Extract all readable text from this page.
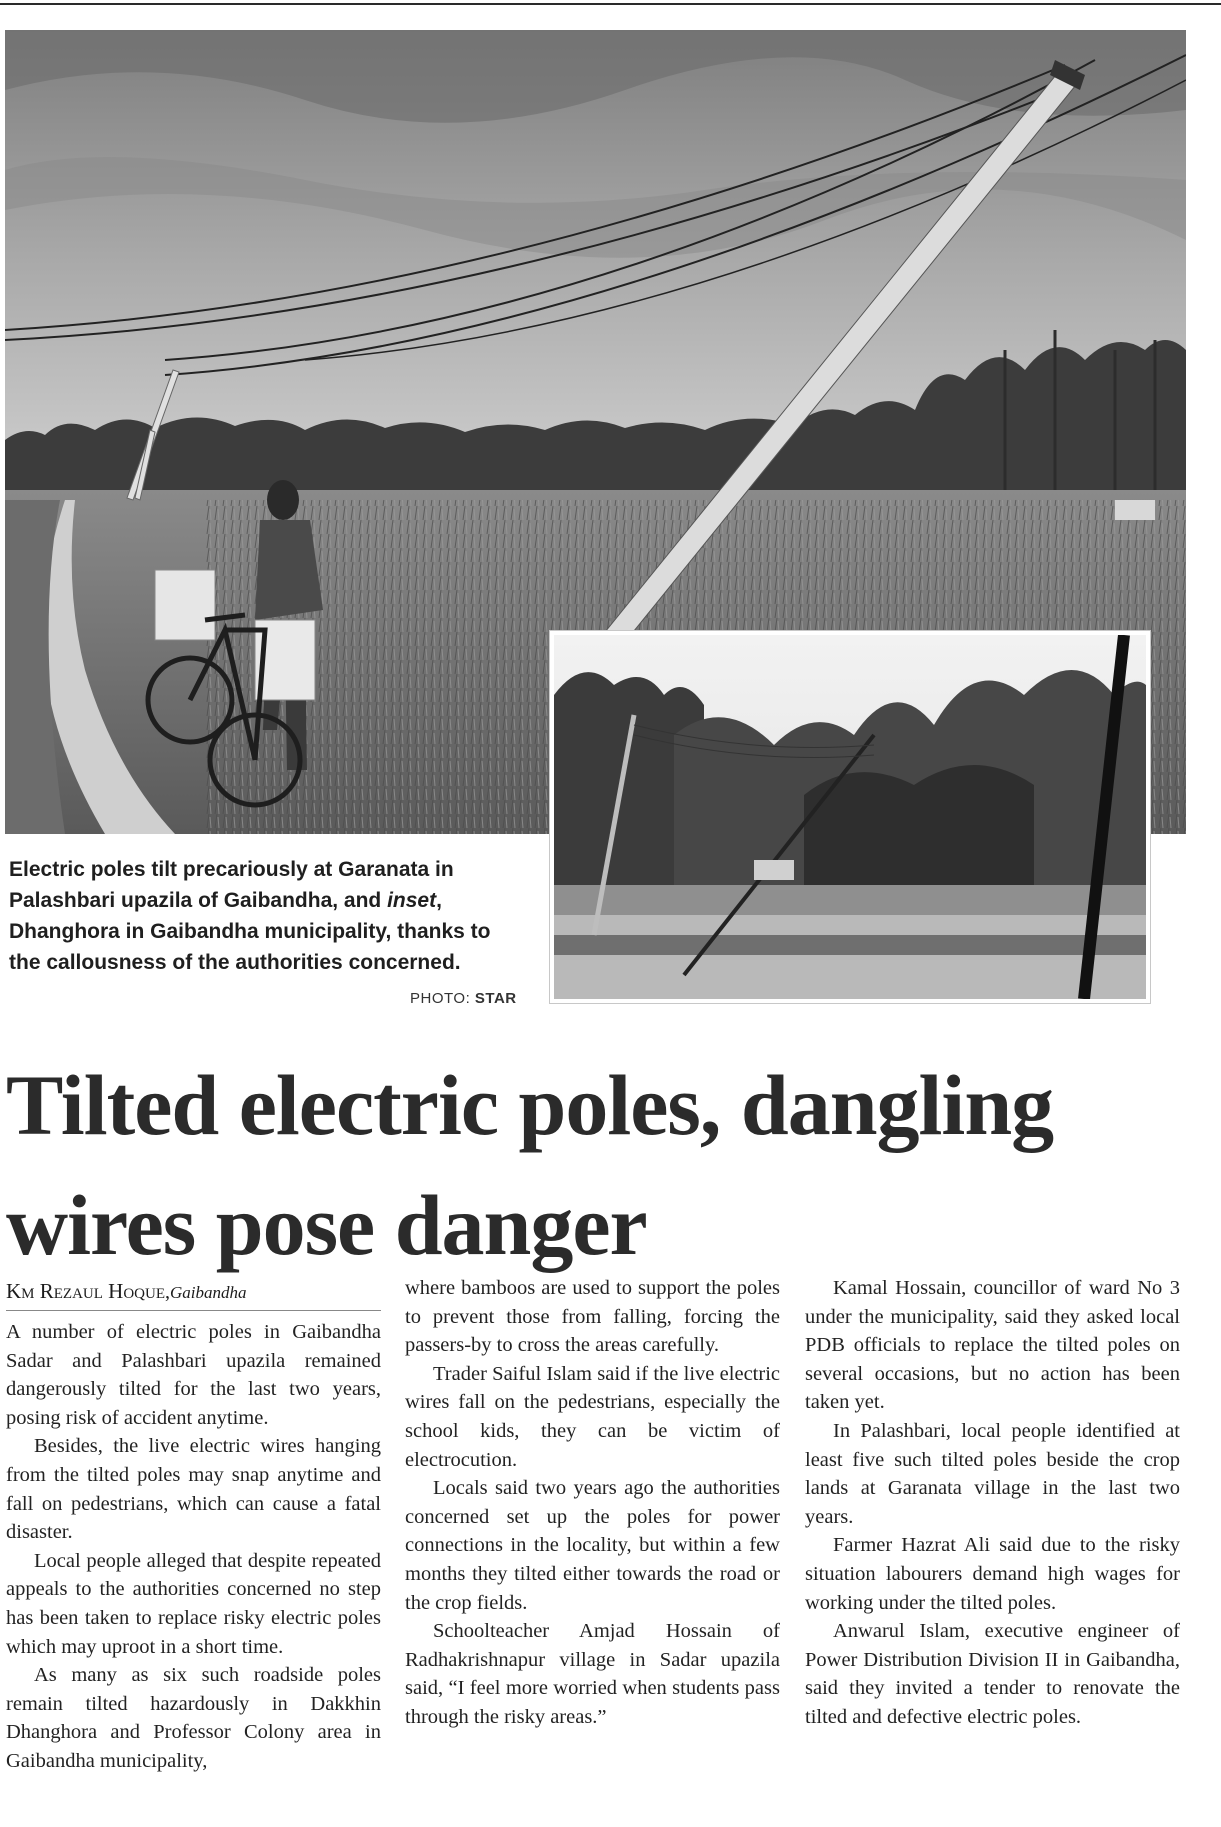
Electric poles tilt precariously at Garanata in Palashbari upazila of Gaibandha, and inset, Dhanghora in Gaibandha municipality, thanks to the callousness of the authorities concerned.
PHOTO: STAR
Tilted electric poles, dangling
wires pose danger
Km Rezaul Hoque,Gaibandha

A number of electric poles in Gaibandha Sadar and Palashbari upazila remained dangerously tilted for the last two years, posing risk of accident anytime.

Besides, the live electric wires hanging from the tilted poles may snap anytime and fall on pedestrians, which can cause a fatal disaster.

Local people alleged that despite repeated appeals to the authorities concerned no step has been taken to replace risky electric poles which may uproot in a short time.

As many as six such roadside poles remain tilted hazardously in Dakkhin Dhanghora and Professor Colony area in Gaibandha municipality,

where bamboos are used to support the poles to prevent those from falling, forcing the passers-by to cross the areas carefully.

Trader Saiful Islam said if the live electric wires fall on the pedestrians, especially the school kids, they can be victim of electrocution.

Locals said two years ago the authorities concerned set up the poles for power connections in the locality, but within a few months they tilted either towards the road or the crop fields.

Schoolteacher Amjad Hossain of Radhakrishnapur village in Sadar upazila said, “I feel more worried when students pass through the risky areas.”

Kamal Hossain, councillor of ward No 3 under the municipality, said they asked local PDB officials to replace the tilted poles on several occasions, but no action has been taken yet.

In Palashbari, local people identified at least five such tilted poles beside the crop lands at Garanata village in the last two years.

Farmer Hazrat Ali said due to the risky situation labourers demand high wages for working under the tilted poles.

Anwarul Islam, executive engineer of Power Distribution Division II in Gaibandha, said they invited a tender to renovate the tilted and defective electric poles.
